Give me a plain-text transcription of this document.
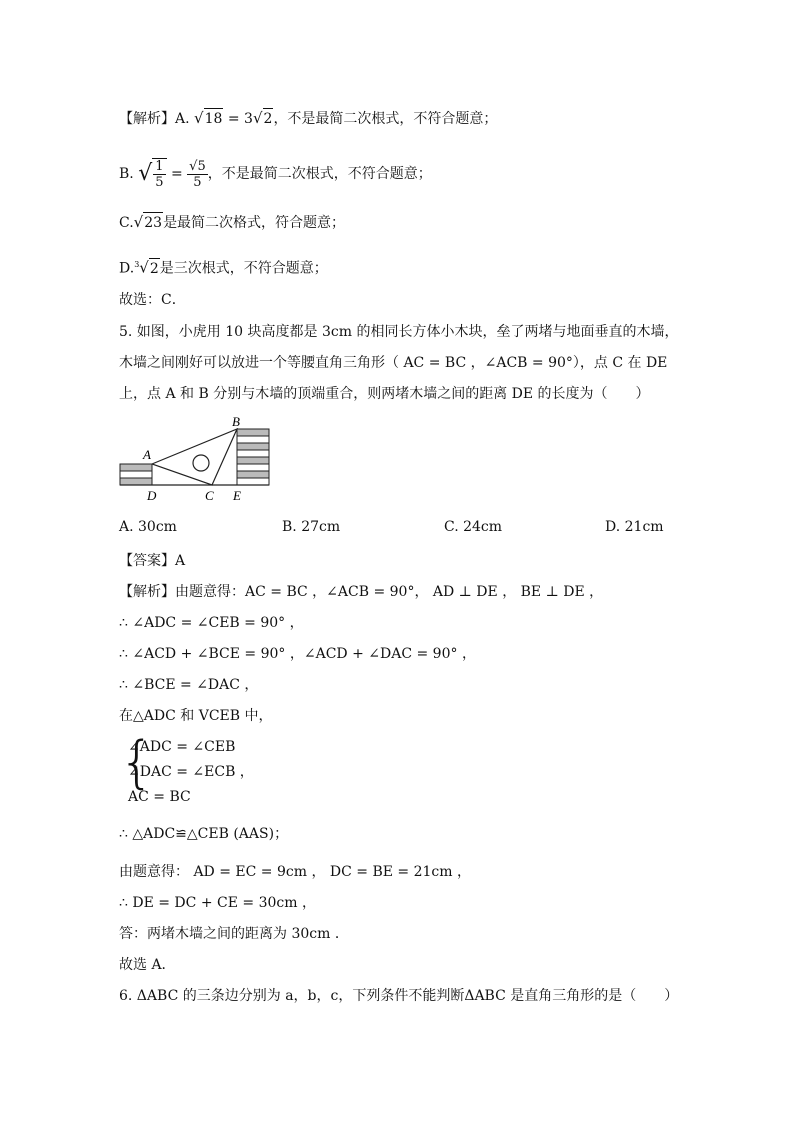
【解析】A. √18 = 3√2，不是最简二次根式，不符合题意；
B. √ $\frac{1}{5} = \frac{√5}{5}$ ，不是最简二次根式，不符合题意；
C.√23是最简二次格式，符合题意；
D.$^3$√2是三次根式，不符合题意；
故选：C．
5. 如图，小虎用 10 块高度都是 3cm 的相同长方体小木块，垒了两堵与地面垂直的木墙，
木墙之间刚好可以放进一个等腰直角三角形（ AC = BC ，∠ACB = 90°），点 C 在 DE
上，点 A 和 B 分别与木墙的顶端重合，则两堵木墙之间的距离 DE 的长度为（　　）
A
B
C
D	E
A. 30cm	B. 27cm	C. 24cm	D. 21cm
【答案】A
【解析】由题意得：AC = BC ，∠ACB = 90°， AD ⊥ DE ， BE ⊥ DE ，
∴ ∠ADC = ∠CEB = 90° ，
∴ ∠ACD + ∠BCE = 90° ，∠ACD + ∠DAC = 90° ，
∴ ∠BCE = ∠DAC ，
在△ADC 和 VCEB 中，
{
∠ADC = ∠CEB
∠DAC = ∠ECB ，
AC = BC
∴ △ADC≌△CEB (AAS)；
由题意得： AD = EC = 9cm ， DC = BE = 21cm ，
∴ DE = DC + CE = 30cm ，
答：两堵木墙之间的距离为 30cm ．
故选 A．
6. ΔABC 的三条边分别为 a，b，c，下列条件不能判断ΔABC 是直角三角形的是（　　）
